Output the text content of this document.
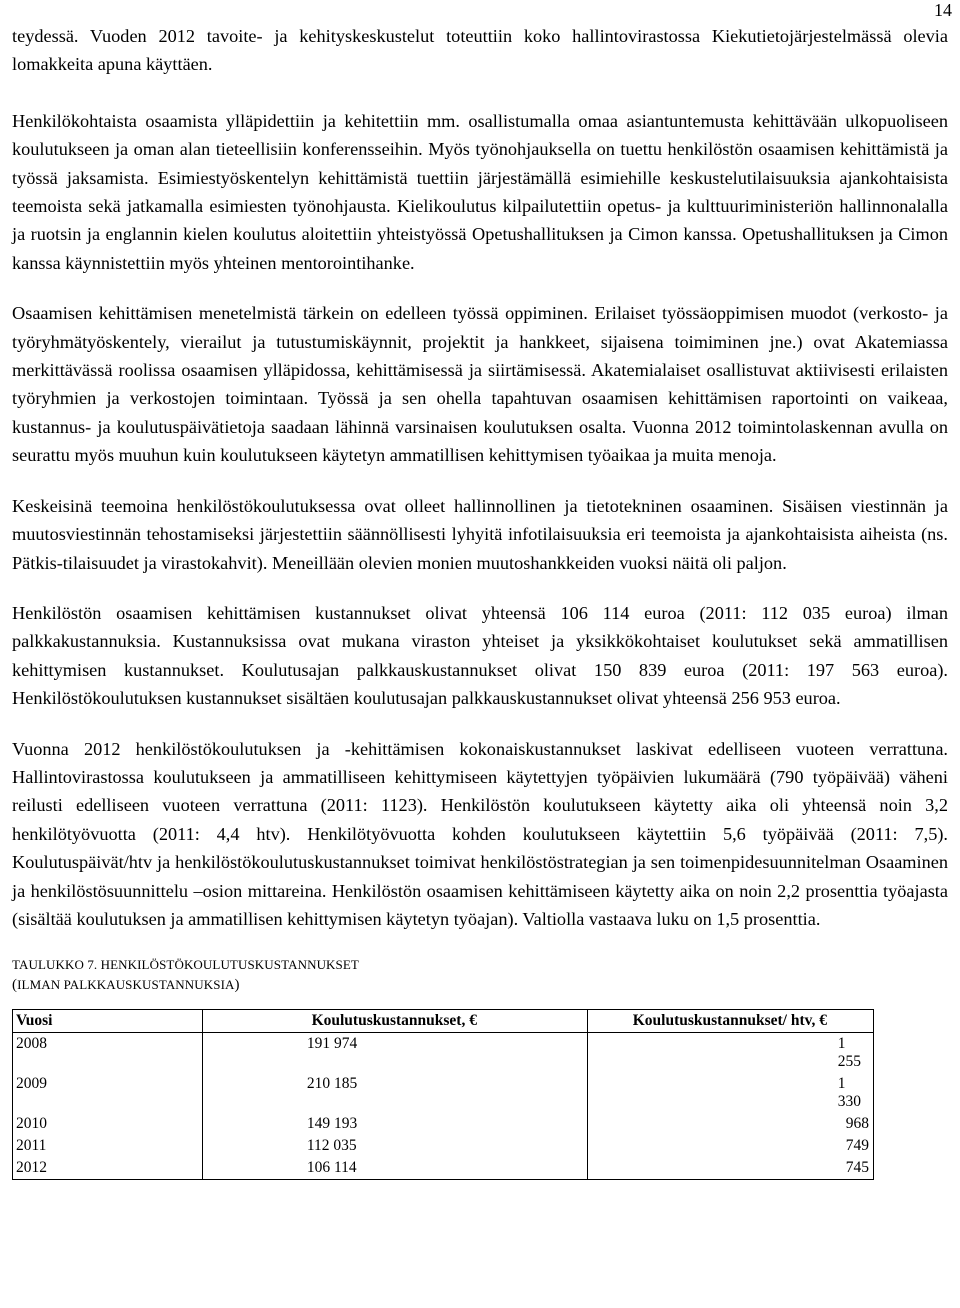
14

teydessä. Vuoden 2012 tavoite- ja kehityskeskustelut toteuttiin koko hallintovirastossa Kiekutietojärjestelmässä olevia lomakkeita apuna käyttäen.

Henkilökohtaista osaamista ylläpidettiin ja kehitettiin mm. osallistumalla omaa asiantuntemusta kehittävään ulkopuoliseen koulutukseen ja oman alan tieteellisiin konferensseihin. Myös työnohjauksella on tuettu henkilöstön osaamisen kehittämistä ja työssä jaksamista. Esimiestyöskentelyn kehittämistä tuettiin järjestämällä esimiehille keskustelutilaisuuksia ajankohtaisista teemoista sekä jatkamalla esimiesten työnohjausta. Kielikoulutus kilpailutettiin opetus- ja kulttuuriministeriön hallinnonalalla ja ruotsin ja englannin kielen koulutus aloitettiin yhteistyössä Opetushallituksen ja Cimon kanssa. Opetushallituksen ja Cimon kanssa käynnistettiin myös yhteinen mentorointihanke.

Osaamisen kehittämisen menetelmistä tärkein on edelleen työssä oppiminen. Erilaiset työssäoppimisen muodot (verkosto- ja työryhmätyöskentely, vierailut ja tutustumiskäynnit, projektit ja hankkeet, sijaisena toimiminen jne.) ovat Akatemiassa merkittävässä roolissa osaamisen ylläpidossa, kehittämisessä ja siirtämisessä. Akatemialaiset osallistuvat aktiivisesti erilaisten työryhmien ja verkostojen toimintaan. Työssä ja sen ohella tapahtuvan osaamisen kehittämisen raportointi on vaikeaa, kustannus- ja koulutuspäivätietoja saadaan lähinnä varsinaisen koulutuksen osalta. Vuonna 2012 toimintolaskennan avulla on seurattu myös muuhun kuin koulutukseen käytetyn ammatillisen kehittymisen työaikaa ja muita menoja.

Keskeisinä teemoina henkilöstökoulutuksessa ovat olleet hallinnollinen ja tietotekninen osaaminen. Sisäisen viestinnän ja muutosviestinnän tehostamiseksi järjestettiin säännöllisesti lyhyitä infotilaisuuksia eri teemoista ja ajankohtaisista aiheista (ns. Pätkis-tilaisuudet ja virastokahvit). Meneillään olevien monien muutoshankkeiden vuoksi näitä oli paljon.

Henkilöstön osaamisen kehittämisen kustannukset olivat yhteensä 106 114 euroa (2011: 112 035 euroa) ilman palkkakustannuksia. Kustannuksissa ovat mukana viraston yhteiset ja yksikkökohtaiset koulutukset sekä ammatillisen kehittymisen kustannukset. Koulutusajan palkkauskustannukset olivat 150 839 euroa (2011: 197 563 euroa). Henkilöstökoulutuksen kustannukset sisältäen koulutusajan palkkauskustannukset olivat yhteensä 256 953 euroa.

Vuonna 2012 henkilöstökoulutuksen ja -kehittämisen kokonaiskustannukset laskivat edelliseen vuoteen verrattuna. Hallintovirastossa koulutukseen ja ammatilliseen kehittymiseen käytettyjen työpäivien lukumäärä (790 työpäivää) väheni reilusti edelliseen vuoteen verrattuna (2011: 1123). Henkilöstön koulutukseen käytetty aika oli yhteensä noin 3,2 henkilötyövuotta (2011: 4,4 htv). Henkilötyövuotta kohden koulutukseen käytettiin 5,6 työpäivää (2011: 7,5). Koulutuspäivät/htv ja henkilöstökoulutuskustannukset toimivat henkilöstöstrategian ja sen toimenpidesuunnitelman Osaaminen ja henkilöstösuunnittelu –osion mittareina. Henkilöstön osaamisen kehittämiseen käytetty aika on noin 2,2 prosenttia työajasta (sisältää koulutuksen ja ammatillisen kehittymisen käytetyn työajan). Valtiolla vastaava luku on 1,5 prosenttia.

TAULUKKO 7. HENKILÖSTÖKOULUTUSKUSTANNUKSET
(ILMAN PALKKAUSKUSTANNUKSIA)
Vuosi	Koulutuskustannukset, €	Koulutuskustannukset/ htv, €
2008	191 974	1 255
2009	210 185	1 330
2010	149 193	968
2011	112 035	749
2012	106 114	745
